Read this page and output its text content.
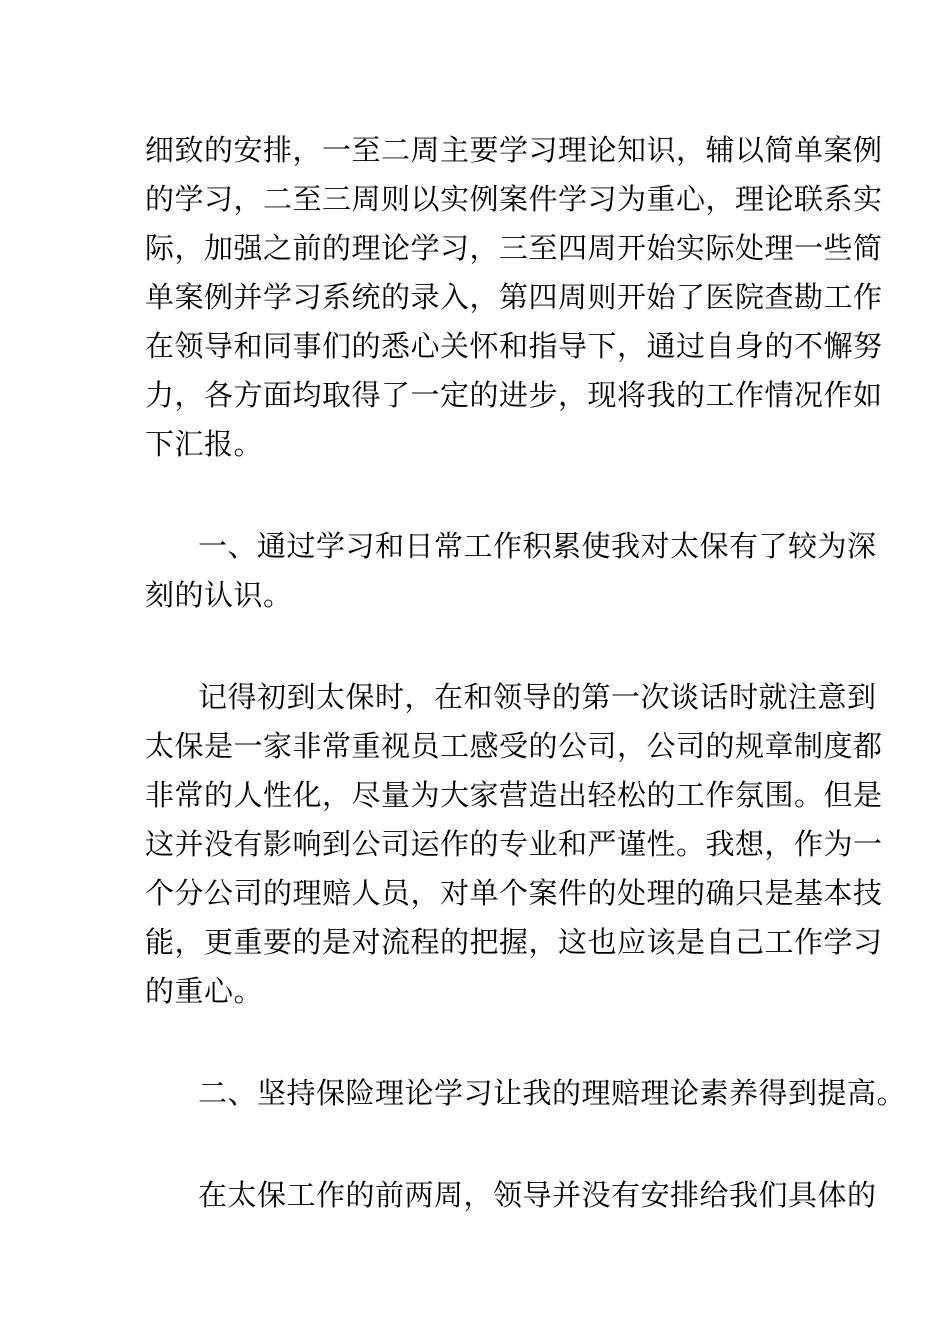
细致的安排，一至二周主要学习理论知识，辅以简单案例
的学习，二至三周则以实例案件学习为重心，理论联系实
际，加强之前的理论学习，三至四周开始实际处理一些简
单案例并学习系统的录入，第四周则开始了医院查勘工作
在领导和同事们的悉心关怀和指导下，通过自身的不懈努
力，各方面均取得了一定的进步，现将我的工作情况作如
下汇报。
一、通过学习和日常工作积累使我对太保有了较为深
刻的认识。
记得初到太保时，在和领导的第一次谈话时就注意到
太保是一家非常重视员工感受的公司，公司的规章制度都
非常的人性化，尽量为大家营造出轻松的工作氛围。但是
这并没有影响到公司运作的专业和严谨性。我想，作为一
个分公司的理赔人员，对单个案件的处理的确只是基本技
能，更重要的是对流程的把握，这也应该是自己工作学习
的重心。
二、坚持保险理论学习让我的理赔理论素养得到提高。
在太保工作的前两周，领导并没有安排给我们具体的
